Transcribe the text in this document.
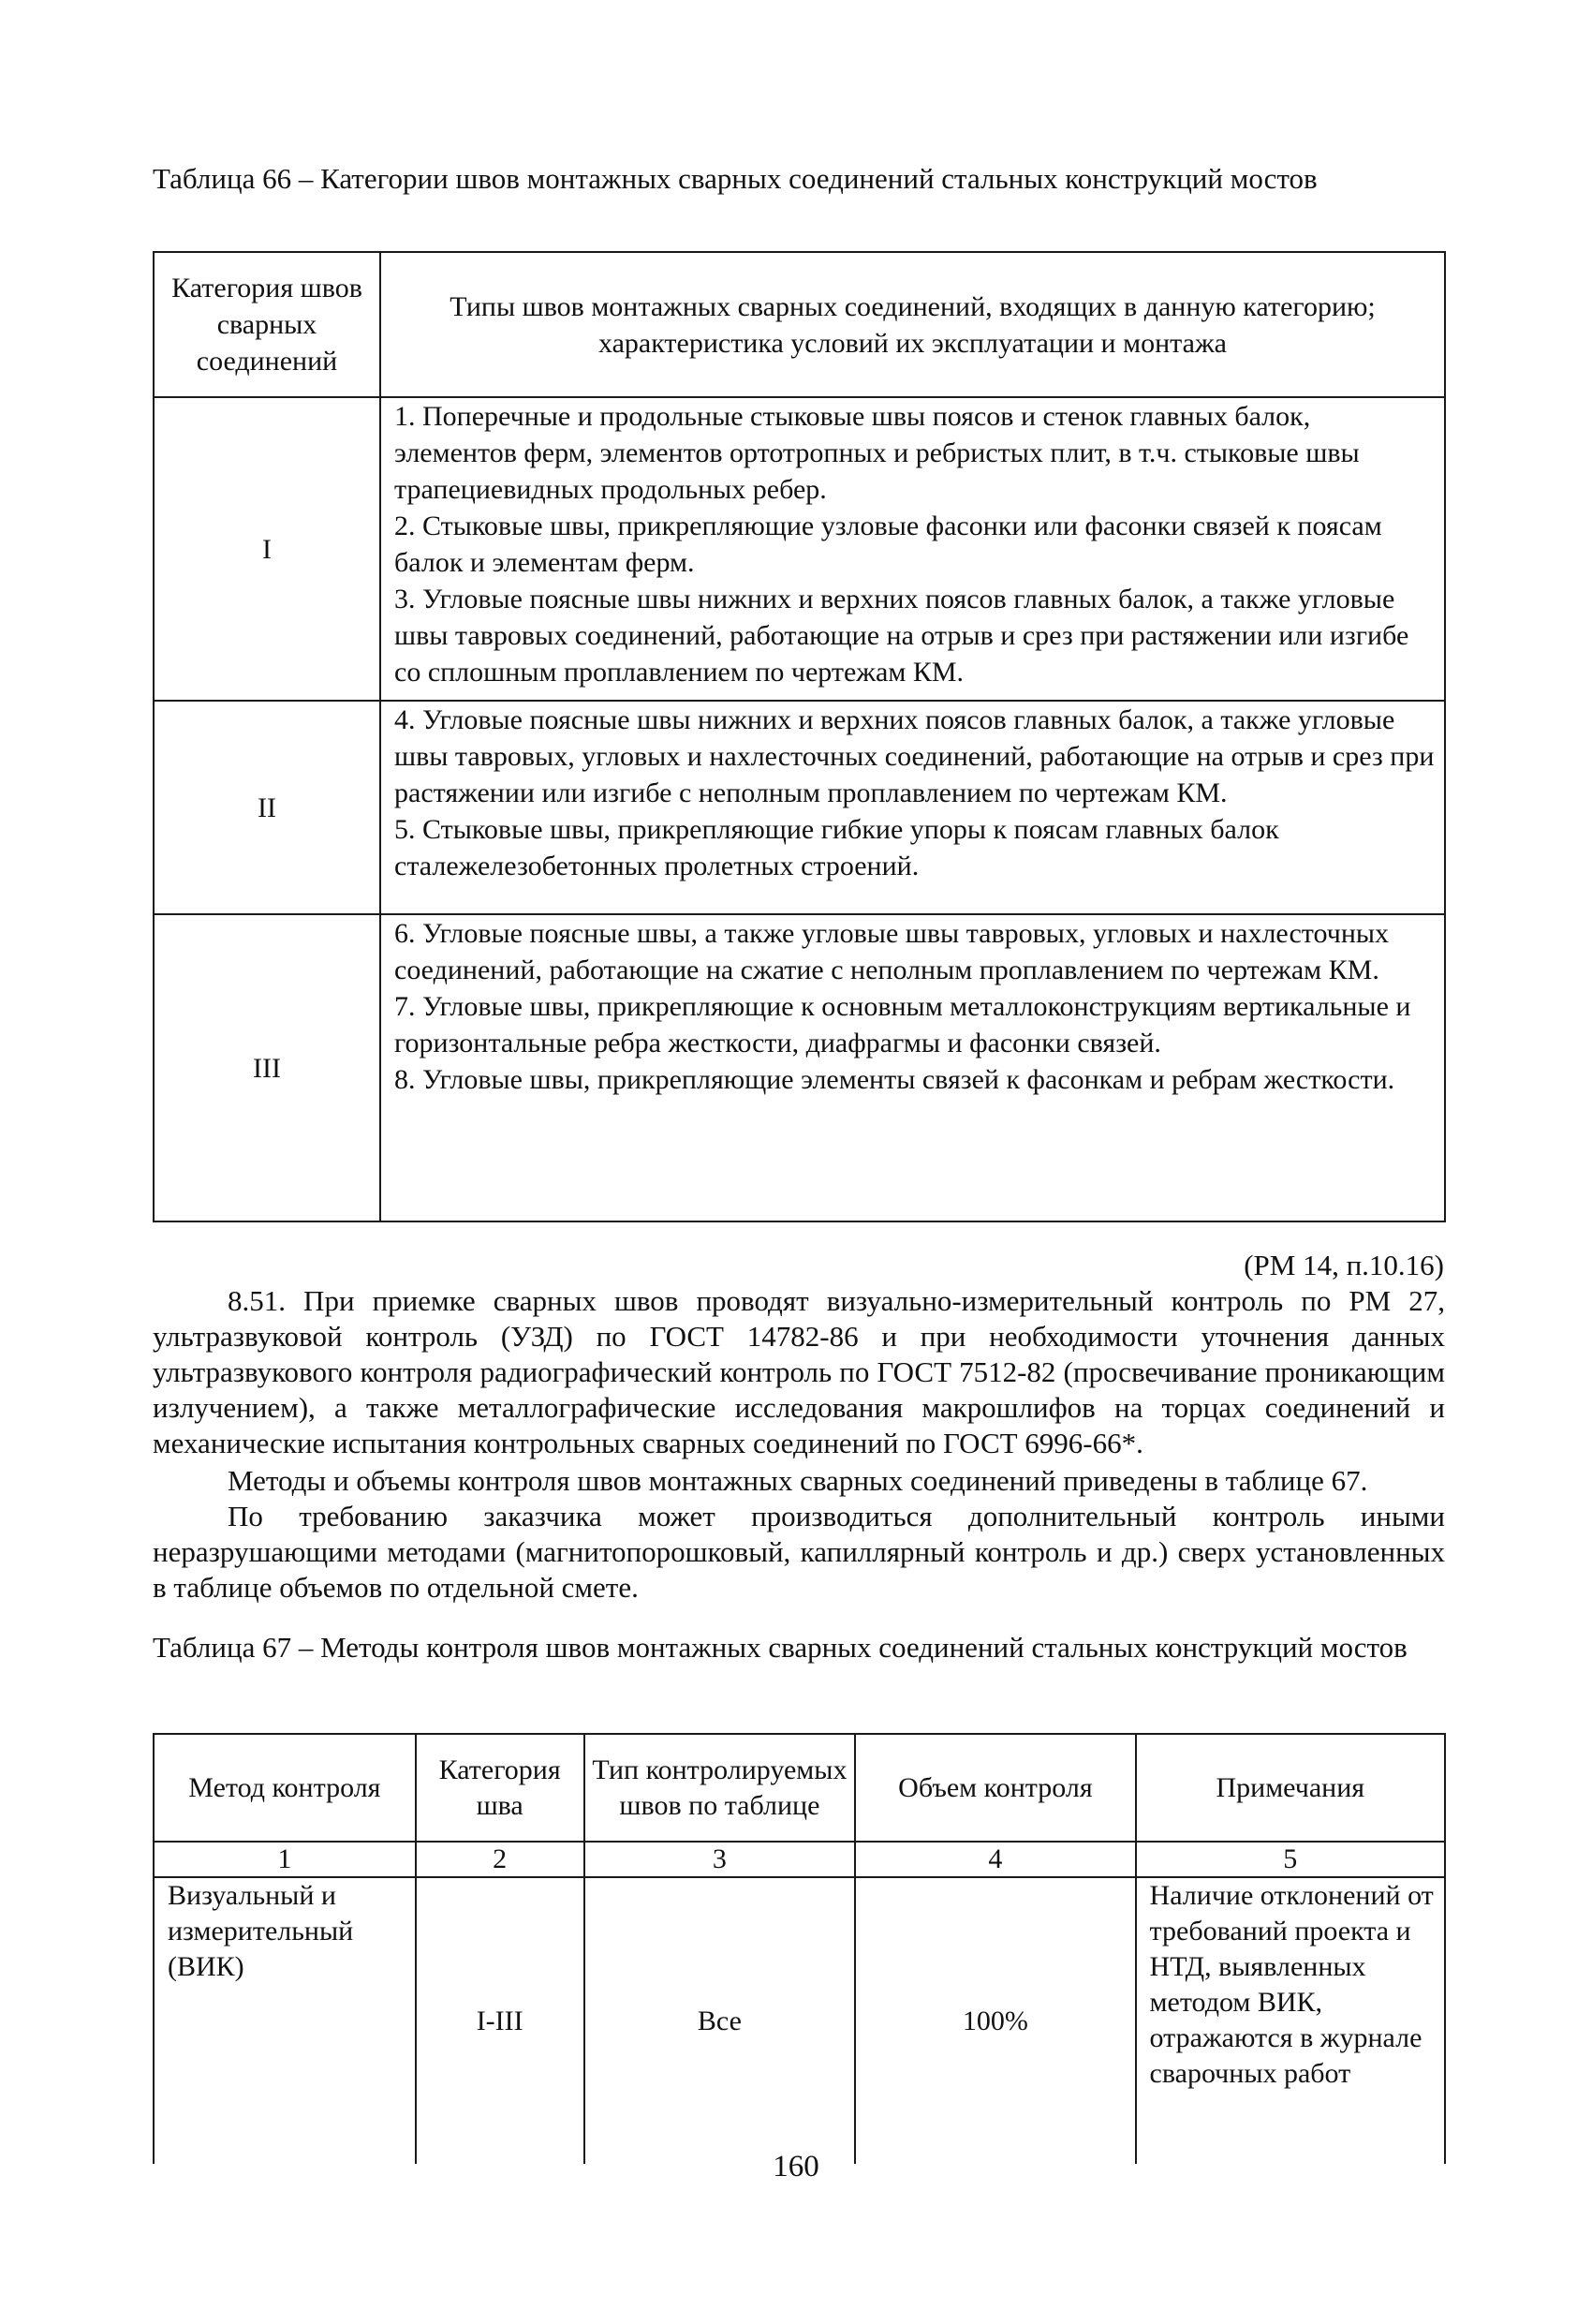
Таблица 66 – Категории швов монтажных сварных соединений стальных конструкций мостов
Категория швов сварных соединений	Типы швов монтажных сварных соединений, входящих в данную категорию; характеристика условий их эксплуатации и монтажа
I	1. Поперечные и продольные стыковые швы поясов и стенок главных балок, элементов ферм, элементов ортотропных и ребристых плит, в т.ч. стыковые швы трапециевидных продольных ребер.
2. Стыковые швы, прикрепляющие узловые фасонки или фасонки связей к поясам балок и элементам ферм.
3. Угловые поясные швы нижних и верхних поясов главных балок, а также угловые швы тавровых соединений, работающие на отрыв и срез при растяжении или изгибе со сплошным проплавлением по чертежам КМ.

II	4. Угловые поясные швы нижних и верхних поясов главных балок, а также угловые швы тавровых, угловых и нахлесточных соединений, работающие на отрыв и срез при растяжении или изгибе с неполным проплавлением по чертежам КМ.
5. Стыковые швы, прикрепляющие гибкие упоры к поясам главных балок сталежелезобетонных пролетных строений.

III	6. Угловые поясные швы, а также угловые швы тавровых, угловых и нахлесточных соединений, работающие на сжатие с неполным проплавлением по чертежам КМ.
7. Угловые швы, прикрепляющие к основным металлоконструкциям вертикальные и горизонтальные ребра жесткости, диафрагмы и фасонки связей.
8. Угловые швы, прикрепляющие элементы связей к фасонкам и ребрам жесткости.
(РМ 14, п.10.16)
8.51. При приемке сварных швов проводят визуально-измерительный контроль по РМ 27, ультразвуковой контроль (УЗД) по ГОСТ 14782-86 и при необходимости уточнения данных ультразвукового контроля радиографический контроль по ГОСТ 7512-82 (просвечивание проникающим излучением), а также металлографические исследования макрошлифов на торцах соединений и механические испытания контрольных сварных соединений по ГОСТ 6996-66*.
Методы и объемы контроля швов монтажных сварных соединений приведены в таблице 67.
По требованию заказчика может производиться дополнительный контроль иными неразрушающими методами (магнитопорошковый, капиллярный контроль и др.) сверх установленных в таблице объемов по отдельной смете.
Таблица 67 – Методы контроля швов монтажных сварных соединений стальных конструкций мостов
Метод контроля	Категория шва	Тип контролируемых швов по таблице	Объем контроля	Примечания
1	2	3	4	5
Визуальный и измерительный (ВИК)	I-III	Все	100%	Наличие отклонений от требований проекта и НТД, выявленных методом ВИК, отражаются в журнале сварочных работ
160
